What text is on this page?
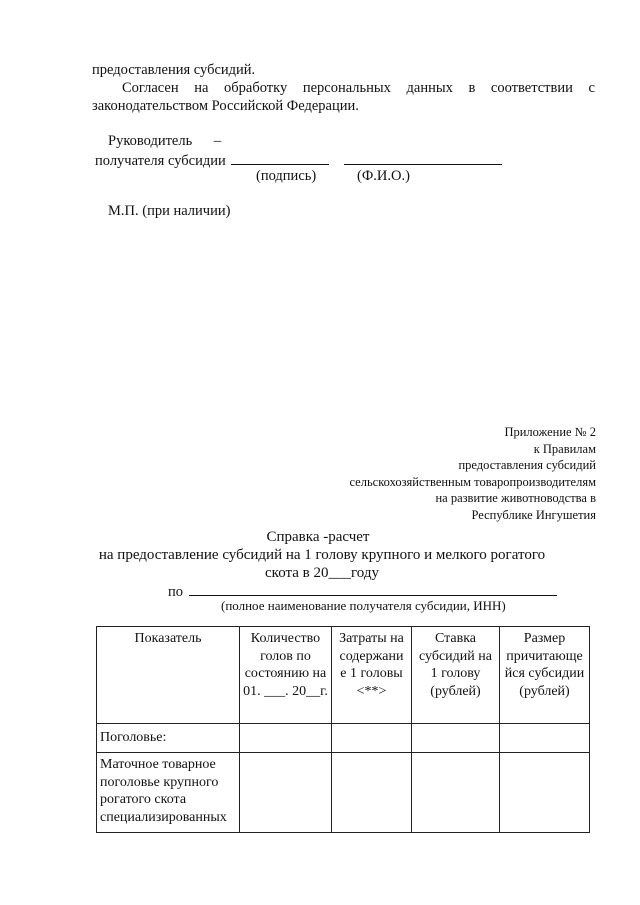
предоставления субсидий.
Согласен на обработку персональных данных в соответствии с
законодательством Российской Федерации.
Руководитель –
получателя субсидии
(подпись)	(Ф.И.О.)
М.П. (при наличии)
Приложение № 2
к Правилам
предоставления субсидий
сельскохозяйственным товаропроизводителям
на развитие животноводства в
Республике Ингушетия
Справка -расчет
на предоставление субсидий на 1 голову крупного и мелкого рогатого
скота в 20___году
по
(полное наименование получателя субсидии, ИНН)
Показатель	Количество голов по состоянию на 01. ___. 20__г.	Затраты на содержани е 1 головы <**>	Ставка субсидий на 1 голову (рублей)	Размер причитающе йся субсидии (рублей)
Поголовье:				
Маточное товарное поголовье крупного рогатого скота специализированных				
